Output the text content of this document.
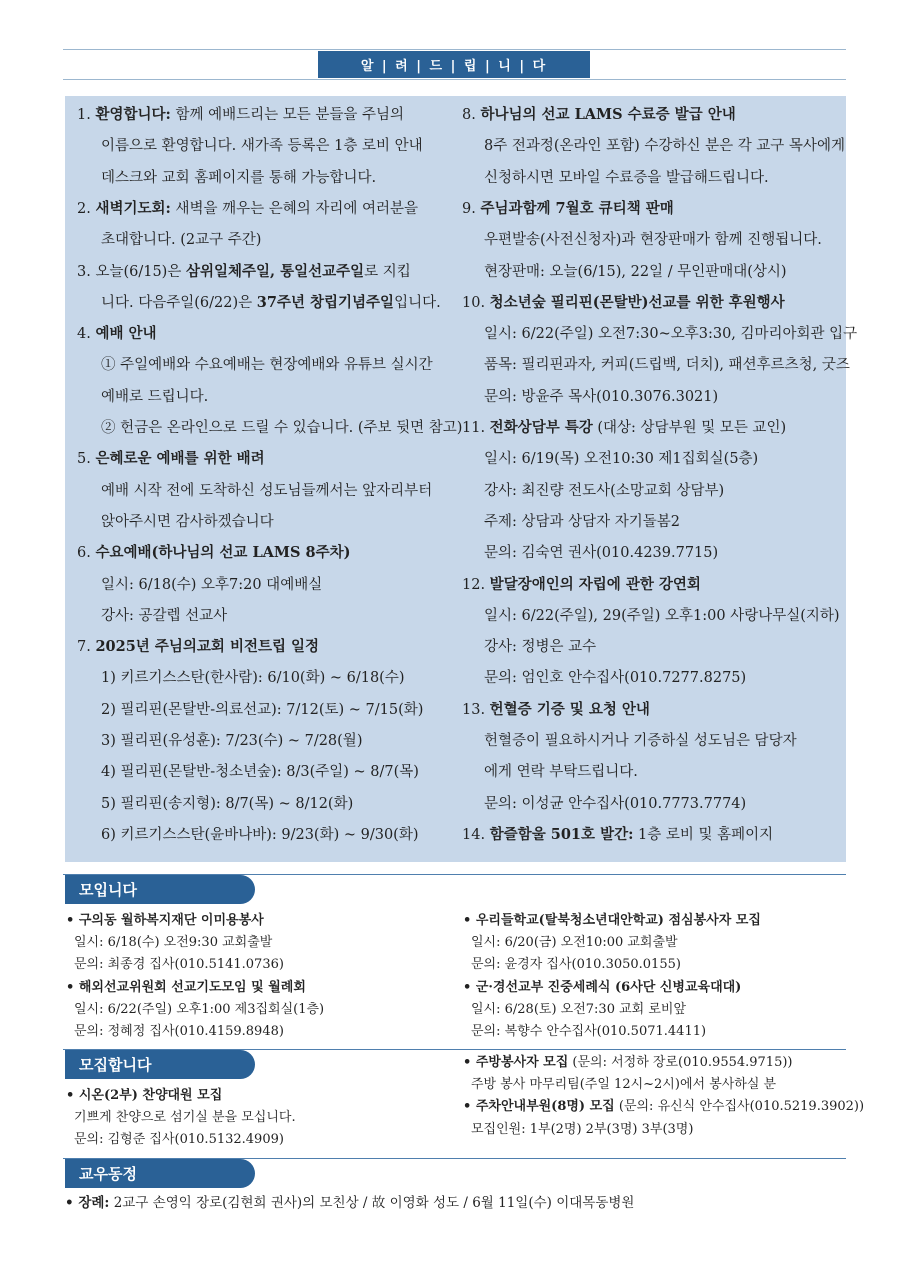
알 | 려 | 드 | 립 | 니 | 다
1. 환영합니다: 함께 예배드리는 모든 분들을 주님의
이름으로 환영합니다. 새가족 등록은 1층 로비 안내
데스크와 교회 홈페이지를 통해 가능합니다.
2. 새벽기도회: 새벽을 깨우는 은혜의 자리에 여러분을
초대합니다. (2교구 주간)
3. 오늘(6/15)은 삼위일체주일, 통일선교주일로 지킵
니다. 다음주일(6/22)은 37주년 창립기념주일입니다.
4. 예배 안내
① 주일예배와 수요예배는 현장예배와 유튜브 실시간
예배로 드립니다.
② 헌금은 온라인으로 드릴 수 있습니다. (주보 뒷면 참고)
5. 은혜로운 예배를 위한 배려
예배 시작 전에 도착하신 성도님들께서는 앞자리부터
앉아주시면 감사하겠습니다
6. 수요예배(하나님의 선교 LAMS 8주차)
일시: 6/18(수) 오후7:20 대예배실
강사: 공갈렙 선교사
7. 2025년 주님의교회 비전트립 일정
1) 키르기스스탄(한사람): 6/10(화) ~ 6/18(수)
2) 필리핀(몬탈반-의료선교): 7/12(토) ~ 7/15(화)
3) 필리핀(유성훈): 7/23(수) ~ 7/28(월)
4) 필리핀(몬탈반-청소년숲): 8/3(주일) ~ 8/7(목)
5) 필리핀(송지형): 8/7(목) ~ 8/12(화)
6) 키르기스스탄(윤바나바): 9/23(화) ~ 9/30(화)
8. 하나님의 선교 LAMS 수료증 발급 안내
8주 전과정(온라인 포함) 수강하신 분은 각 교구 목사에게
신청하시면 모바일 수료증을 발급해드립니다.
9. 주님과함께 7월호 큐티책 판매
우편발송(사전신청자)과 현장판매가 함께 진행됩니다.
현장판매: 오늘(6/15), 22일 / 무인판매대(상시)
10. 청소년숲 필리핀(몬탈반)선교를 위한 후원행사
일시: 6/22(주일) 오전7:30~오후3:30, 김마리아회관 입구
품목: 필리핀과자, 커피(드립백, 더치), 패션후르츠청, 굿즈
문의: 방윤주 목사(010.3076.3021)
11. 전화상담부 특강 (대상: 상담부원 및 모든 교인)
일시: 6/19(목) 오전10:30 제1집회실(5층)
강사: 최진량 전도사(소망교회 상담부)
주제: 상담과 상담자 자기돌봄2
문의: 김숙연 권사(010.4239.7715)
12. 발달장애인의 자립에 관한 강연회
일시: 6/22(주일), 29(주일) 오후1:00 사랑나무실(지하)
강사: 정병은 교수
문의: 엄인호 안수집사(010.7277.8275)
13. 헌혈증 기증 및 요청 안내
헌혈증이 필요하시거나 기증하실 성도님은 담당자
에게 연락 부탁드립니다.
문의: 이성균 안수집사(010.7773.7774)
14. 함즐함울 501호 발간: 1층 로비 및 홈페이지
모입니다
• 구의동 월하복지재단 이미용봉사
일시: 6/18(수) 오전9:30 교회출발
문의: 최종경 집사(010.5141.0736)
• 해외선교위원회 선교기도모임 및 월례회
일시: 6/22(주일) 오후1:00 제3집회실(1층)
문의: 정혜정 집사(010.4159.8948)
• 우리들학교(탈북청소년대안학교) 점심봉사자 모집
일시: 6/20(금) 오전10:00 교회출발
문의: 윤경자 집사(010.3050.0155)
• 군·경선교부 진중세례식 (6사단 신병교육대대)
일시: 6/28(토) 오전7:30 교회 로비앞
문의: 복향수 안수집사(010.5071.4411)
모집합니다
• 시온(2부) 찬양대원 모집
기쁘게 찬양으로 섬기실 분을 모십니다.
문의: 김형준 집사(010.5132.4909)
• 주방봉사자 모집 (문의: 서정하 장로(010.9554.9715))
주방 봉사 마무리팀(주일 12시~2시)에서 봉사하실 분
• 주차안내부원(8명) 모집 (문의: 유신식 안수집사(010.5219.3902))
모집인원: 1부(2명) 2부(3명) 3부(3명)
교우동정
• 장례: 2교구 손영익 장로(김현희 권사)의 모친상 / 故 이영화 성도 / 6월 11일(수) 이대목동병원
